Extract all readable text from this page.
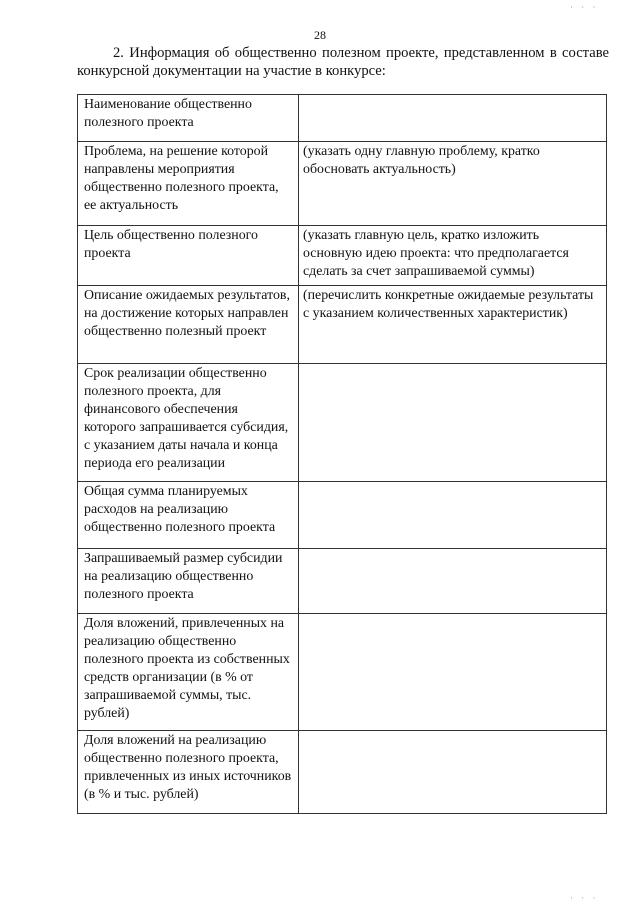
· · ·
28

2. Информация об общественно полезном проекте, представленном в составе конкурсной документации на участие в конкурсе:

Наименование общественно полезного проекта	
Проблема, на решение которой направлены мероприятия общественно полезного проекта, ее актуальность	(указать одну главную проблему, кратко обосновать актуальность)
Цель общественно полезного проекта	(указать главную цель, кратко изложить основную идею проекта: что предполагается сделать за счет запрашиваемой суммы)
Описание ожидаемых результатов, на достижение которых направлен общественно полезный проект	(перечислить конкретные ожидаемые результаты с указанием количественных характеристик)
Срок реализации общественно полезного проекта, для финансового обеспечения которого запрашивается субсидия, с указанием даты начала и конца периода его реализации	
Общая сумма планируемых расходов на реализацию общественно полезного проекта	
Запрашиваемый размер субсидии на реализацию общественно полезного проекта	
Доля вложений, привлеченных на реализацию общественно полезного проекта из собственных средств организации (в % от запрашиваемой суммы, тыс. рублей)	
Доля вложений на реализацию общественно полезного проекта, привлеченных из иных источников (в % и тыс. рублей)	
· · ·
